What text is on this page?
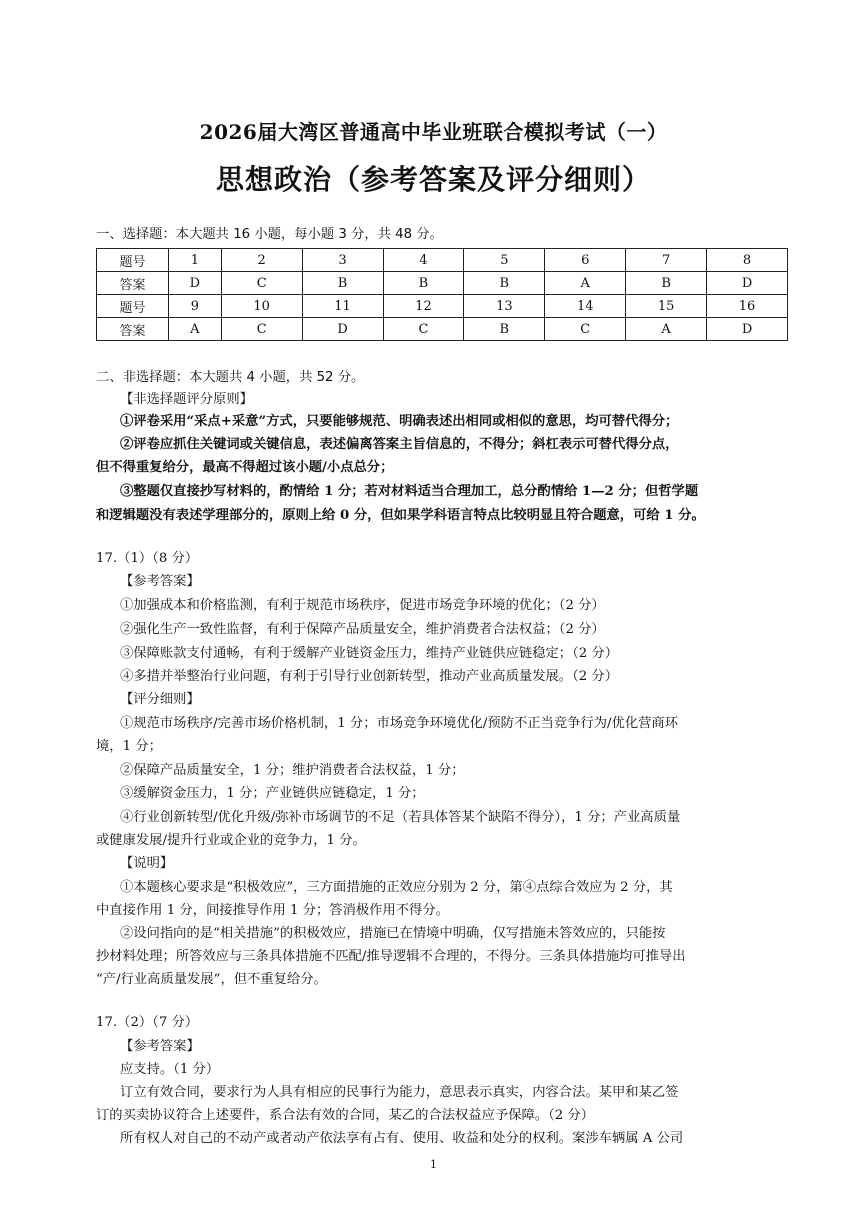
2026届大湾区普通高中毕业班联合模拟考试（一）
思想政治（参考答案及评分细则）
一、选择题：本大题共 16 小题，每小题 3 分，共 48 分。
题号	1	2	3	4	5	6	7	8
答案	D	C	B	B	B	A	B	D
题号	9	10	11	12	13	14	15	16
答案	A	C	D	C	B	C	A	D
二、非选择题：本大题共 4 小题，共 52 分。
【非选择题评分原则】
①评卷采用“采点+采意”方式，只要能够规范、明确表述出相同或相似的意思，均可替代得分；
②评卷应抓住关键词或关键信息，表述偏离答案主旨信息的，不得分；斜杠表示可替代得分点，
但不得重复给分，最高不得超过该小题/小点总分；
③整题仅直接抄写材料的，酌情给 1 分；若对材料适当合理加工，总分酌情给 1—2 分；但哲学题
和逻辑题没有表述学理部分的，原则上给 0 分，但如果学科语言特点比较明显且符合题意，可给 1 分。
17.（1）（8 分）
【参考答案】
①加强成本和价格监测，有利于规范市场秩序，促进市场竞争环境的优化；（2 分）
②强化生产一致性监督，有利于保障产品质量安全，维护消费者合法权益；（2 分）
③保障账款支付通畅，有利于缓解产业链资金压力，维持产业链供应链稳定；（2 分）
④多措并举整治行业问题，有利于引导行业创新转型，推动产业高质量发展。（2 分）
【评分细则】
①规范市场秩序/完善市场价格机制，1 分；市场竞争环境优化/预防不正当竞争行为/优化营商环
境，1 分；
②保障产品质量安全，1 分；维护消费者合法权益，1 分；
③缓解资金压力，1 分；产业链供应链稳定，1 分；
④行业创新转型/优化升级/弥补市场调节的不足（若具体答某个缺陷不得分），1 分；产业高质量
或健康发展/提升行业或企业的竞争力，1 分。
【说明】
①本题核心要求是“积极效应”，三方面措施的正效应分别为 2 分，第④点综合效应为 2 分，其
中直接作用 1 分，间接推导作用 1 分；答消极作用不得分。
②设问指向的是“相关措施”的积极效应，措施已在情境中明确，仅写措施未答效应的，只能按
抄材料处理；所答效应与三条具体措施不匹配/推导逻辑不合理的，不得分。三条具体措施均可推导出
“产/行业高质量发展”，但不重复给分。
17.（2）（7 分）
【参考答案】
应支持。（1 分）
订立有效合同，要求行为人具有相应的民事行为能力，意思表示真实，内容合法。某甲和某乙签
订的买卖协议符合上述要件，系合法有效的合同，某乙的合法权益应予保障。（2 分）
所有权人对自己的不动产或者动产依法享有占有、使用、收益和处分的权利。案涉车辆属 A 公司
1
